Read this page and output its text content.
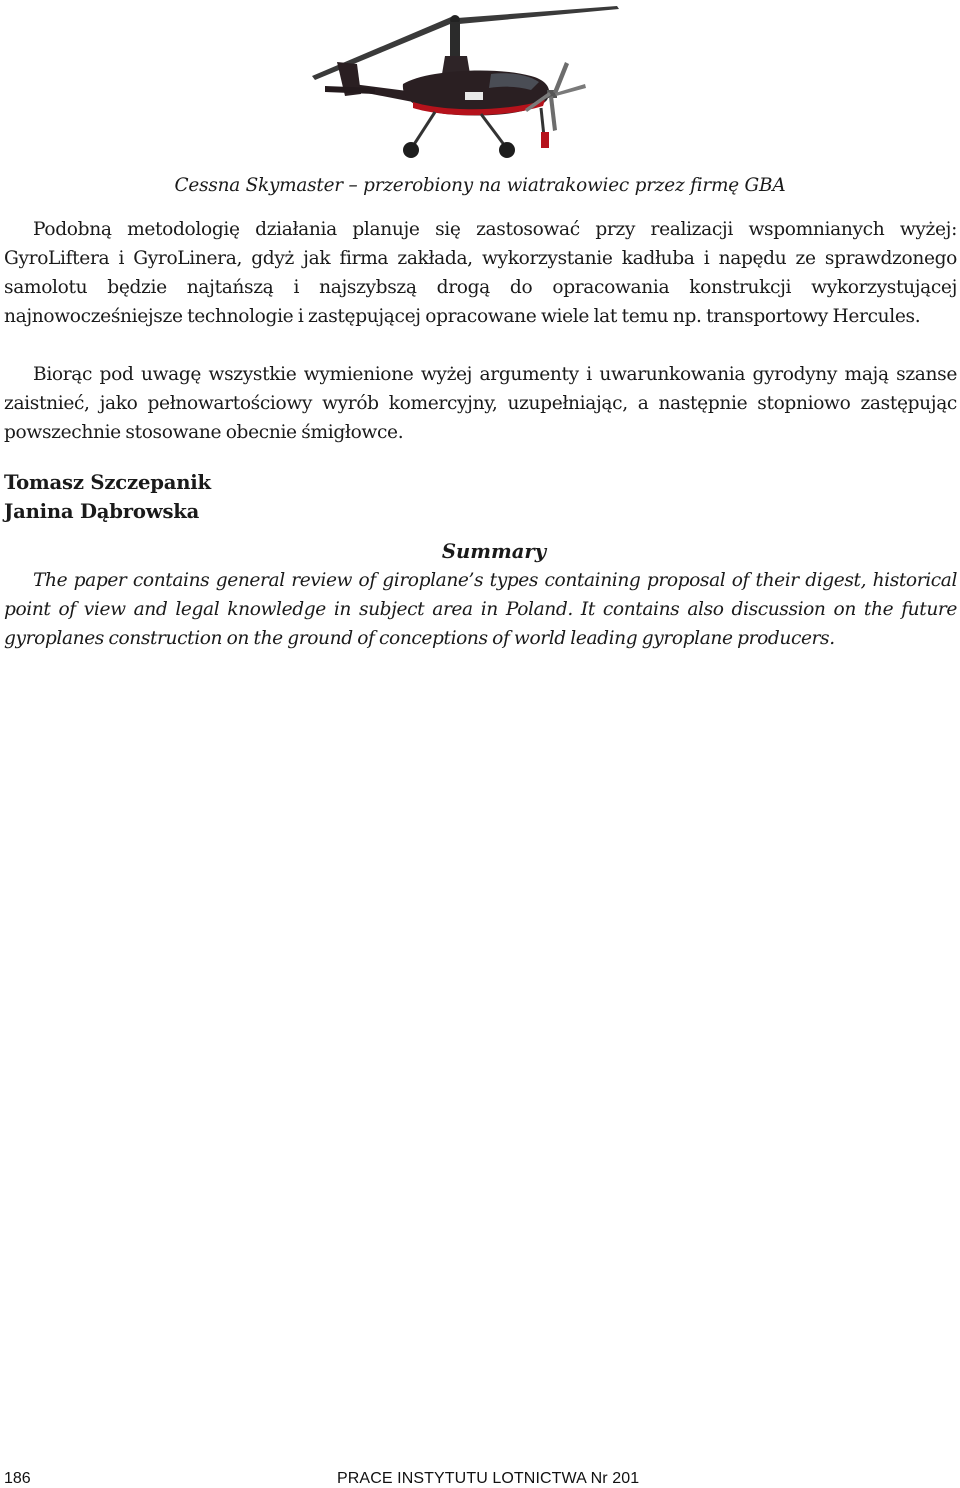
Cessna Skymaster – przerobiony na wiatrakowiec przez firmę GBA

Podobną metodologię działania planuje się zastosować przy realizacji wspomnianych wyżej: GyroLiftera i GyroLinera, gdyż jak firma zakłada, wykorzystanie kadłuba i napędu ze sprawdzonego samolotu będzie najtańszą i najszybszą drogą do opracowania konstrukcji wykorzystującej najnowocześniejsze technologie i zastępującej opracowane wiele lat temu np. transportowy Hercules.

Biorąc pod uwagę wszystkie wymienione wyżej argumenty i uwarunkowania gyrodyny mają szanse zaistnieć, jako pełnowartościowy wyrób komercyjny, uzupełniając, a następnie stopniowo zastępując powszechnie stosowane obecnie śmigłowce.

Tomasz Szczepanik

Janina Dąbrowska

Summary

The paper contains general review of giroplane’s types containing proposal of their digest, historical point of view and legal knowledge in subject area in Poland. It contains also discussion on the future gyroplanes construction on the ground of conceptions of world leading gyroplane producers.

186	PRACE INSTYTUTU LOTNICTWA Nr 201
